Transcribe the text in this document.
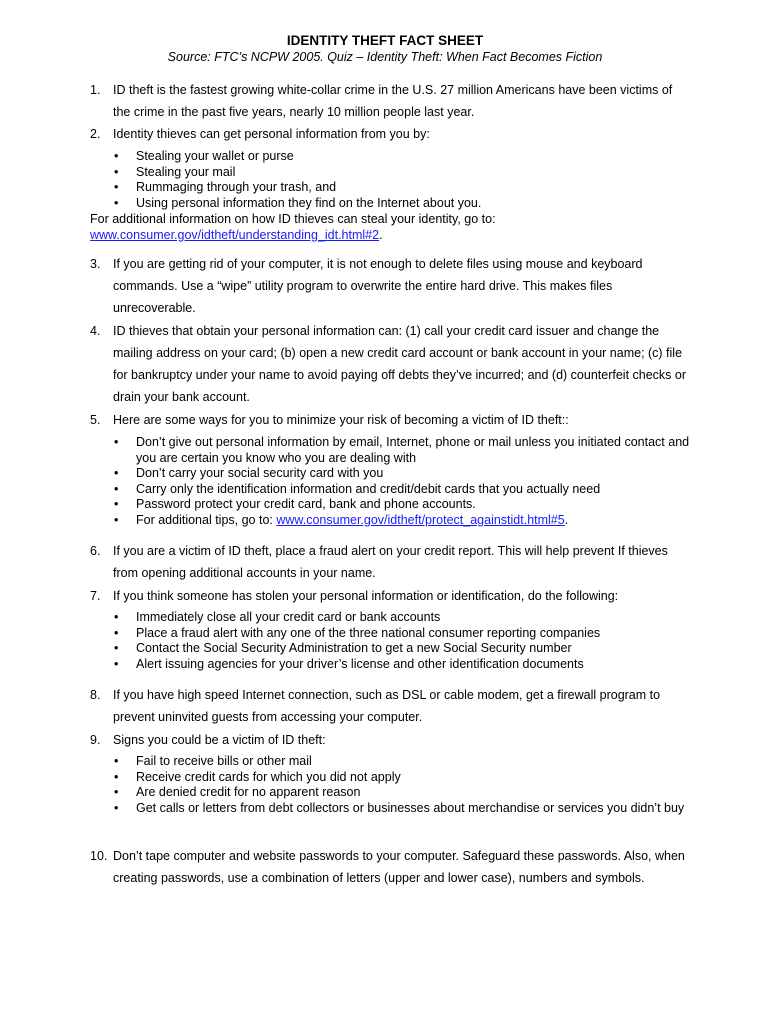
IDENTITY THEFT FACT SHEET
Source: FTC’s NCPW 2005. Quiz – Identity Theft: When Fact Becomes Fiction
1. ID theft is the fastest growing white-collar crime in the U.S. 27 million Americans have been victims of the crime in the past five years, nearly 10 million people last year.
2. Identity thieves can get personal information from you by:
• Stealing your wallet or purse
• Stealing your mail
• Rummaging through your trash, and
• Using personal information they find on the Internet about you.
For additional information on how ID thieves can steal your identity, go to:
www.consumer.gov/idtheft/understanding_idt.html#2.
3. If you are getting rid of your computer, it is not enough to delete files using mouse and keyboard commands. Use a “wipe” utility program to overwrite the entire hard drive. This makes files unrecoverable.
4. ID thieves that obtain your personal information can: (1) call your credit card issuer and change the mailing address on your card; (b) open a new credit card account or bank account in your name; (c) file for bankruptcy under your name to avoid paying off debts they’ve incurred; and (d) counterfeit checks or drain your bank account.
5. Here are some ways for you to minimize your risk of becoming a victim of ID theft::
• Don’t give out personal information by email, Internet, phone or mail unless you initiated contact and you are certain you know who you are dealing with
• Don’t carry your social security card with you
• Carry only the identification information and credit/debit cards that you actually need
• Password protect your credit card, bank and phone accounts.
• For additional tips, go to: www.consumer.gov/idtheft/protect_againstidt.html#5.
6. If you are a victim of ID theft, place a fraud alert on your credit report. This will help prevent If thieves from opening additional accounts in your name.
7. If you think someone has stolen your personal information or identification, do the following:
• Immediately close all your credit card or bank accounts
• Place a fraud alert with any one of the three national consumer reporting companies
• Contact the Social Security Administration to get a new Social Security number
• Alert issuing agencies for your driver’s license and other identification documents
8. If you have high speed Internet connection, such as DSL or cable modem, get a firewall program to prevent uninvited guests from accessing your computer.
9. Signs you could be a victim of ID theft:
• Fail to receive bills or other mail
• Receive credit cards for which you did not apply
• Are denied credit for no apparent reason
• Get calls or letters from debt collectors or businesses about merchandise or services you didn’t buy
10. Don’t tape computer and website passwords to your computer. Safeguard these passwords. Also, when creating passwords, use a combination of letters (upper and lower case), numbers and symbols.
